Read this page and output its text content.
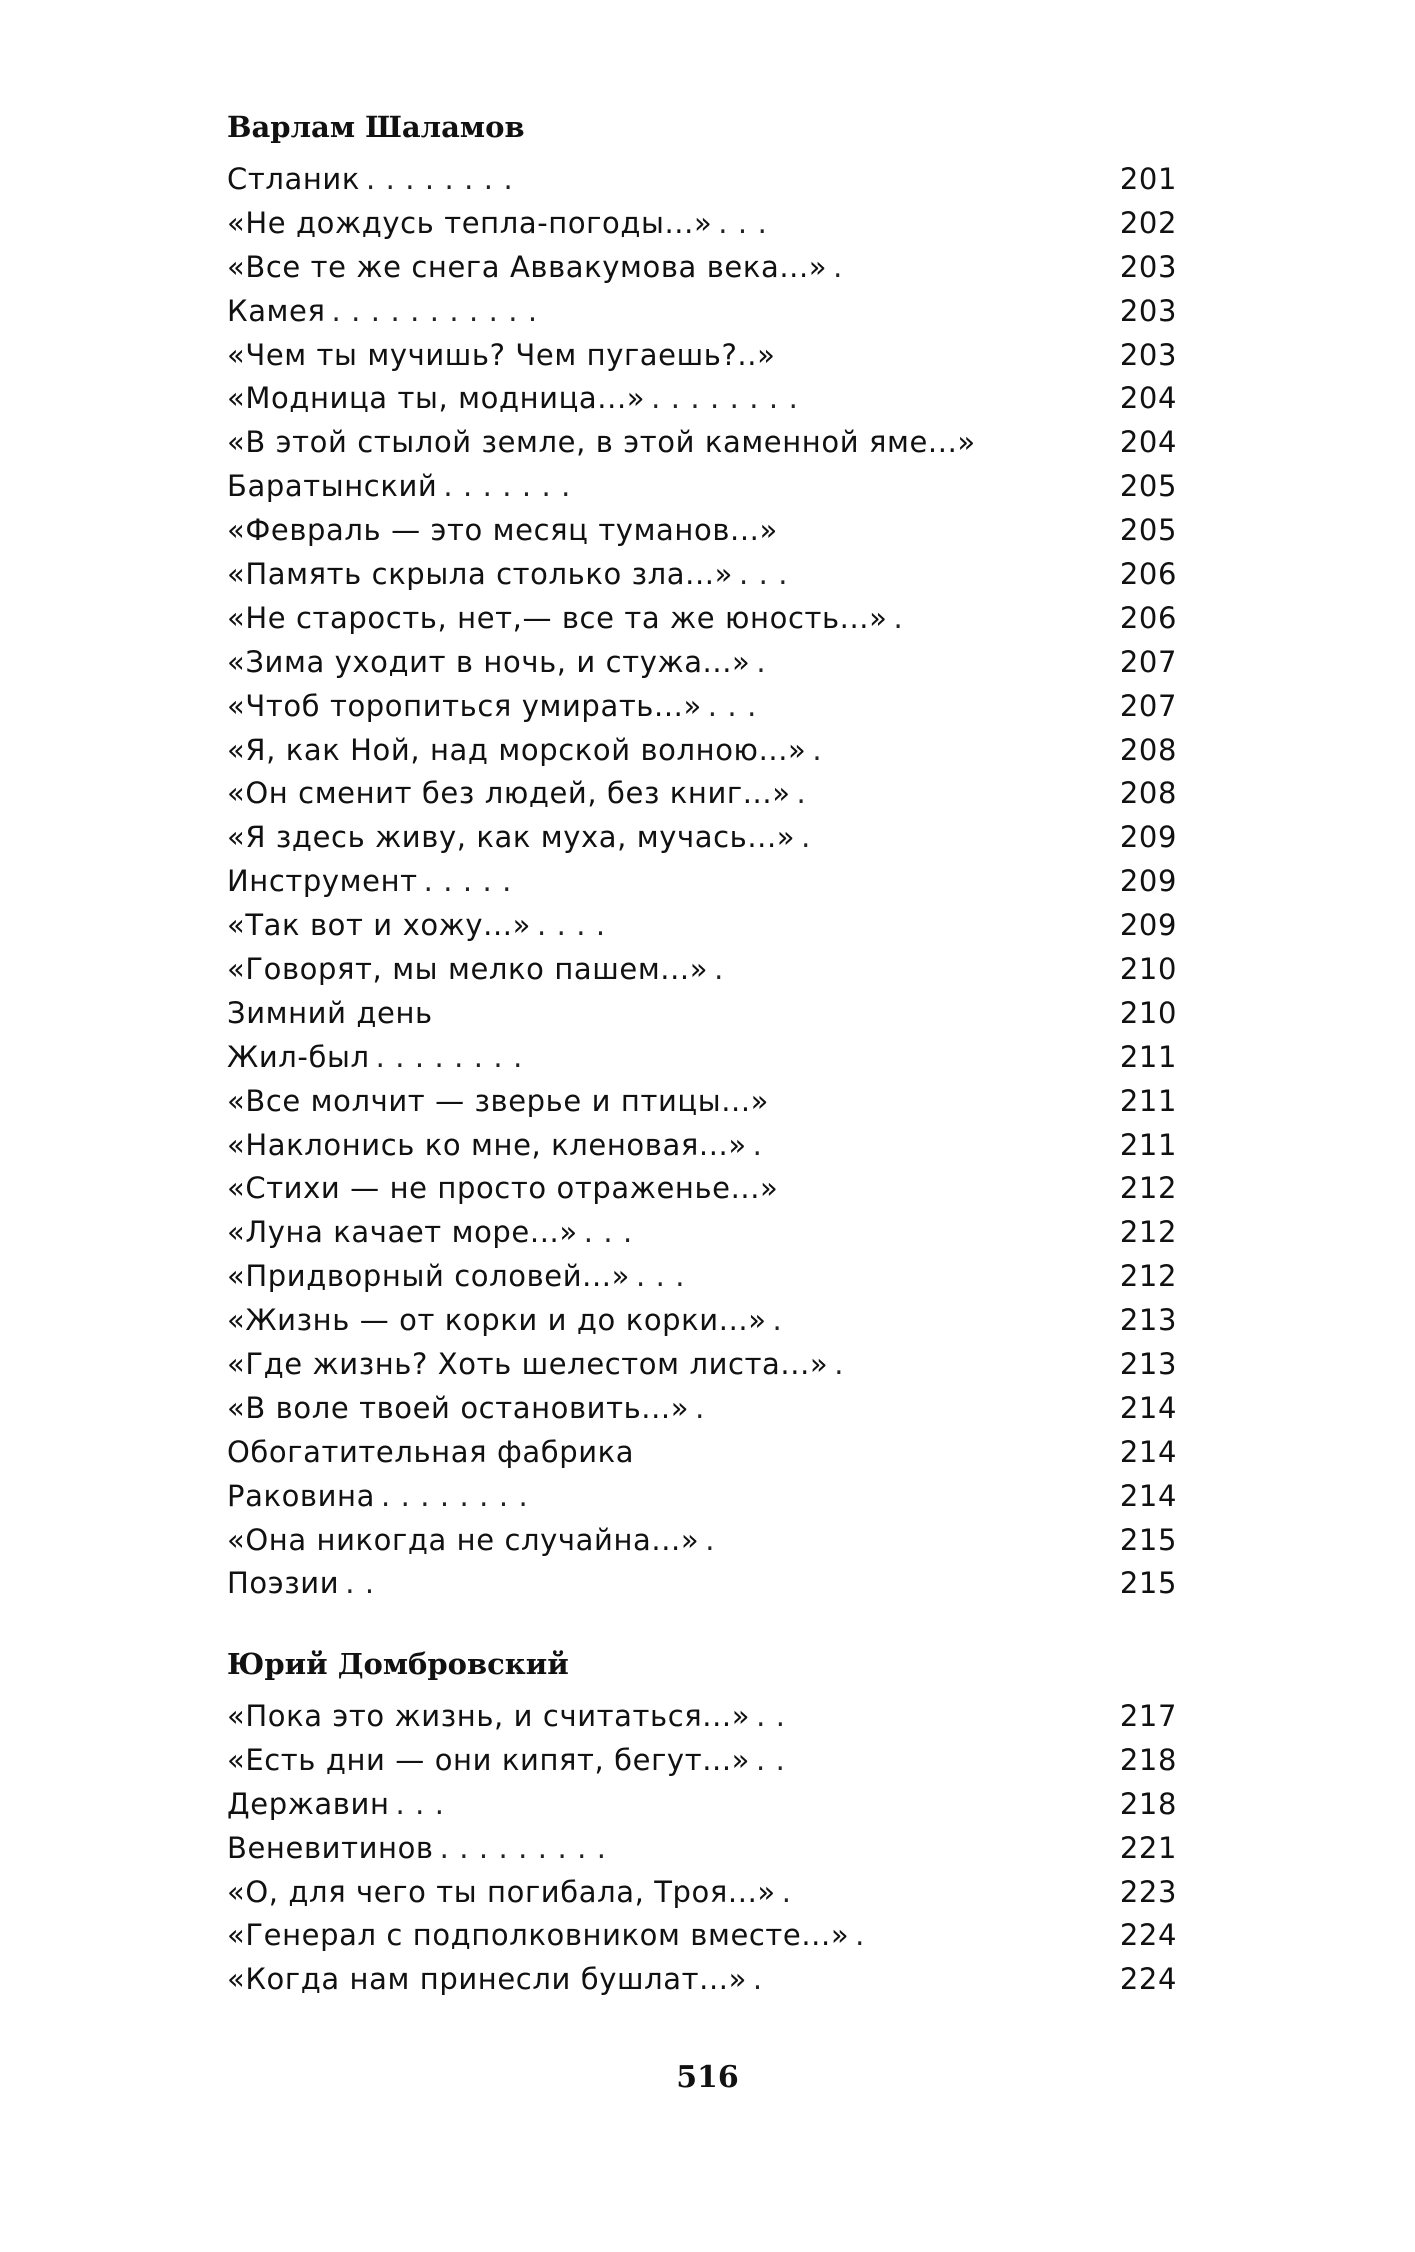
Варлам Шаламов
Стланик . . . . . . . .	201
«Не дождусь тепла-погоды...» . . .	202
«Все те же снега Аввакумова века...» .	203
Камея . . . . . . . . . . .	203
«Чем ты мучишь? Чем пугаешь?..»	203
«Модница ты, модница...» . . . . . . . .	204
«В этой стылой земле, в этой каменной яме...»	204
Баратынский . . . . . . .	205
«Февраль — это месяц туманов...»	205
«Память скрыла столько зла...» . . .	206
«Не старость, нет,— все та же юность...» .	206
«Зима уходит в ночь, и стужа...» .	207
«Чтоб торопиться умирать...» . . .	207
«Я, как Ной, над морской волною...» .	208
«Он сменит без людей, без книг...» .	208
«Я здесь живу, как муха, мучась...» .	209
Инструмент . . . . .	209
«Так вот и хожу...» . . . .	209
«Говорят, мы мелко пашем...» .	210
Зимний день	210
Жил-был . . . . . . . .	211
«Все молчит — зверье и птицы...»	211
«Наклонись ко мне, кленовая...» .	211
«Стихи — не просто отраженье...»	212
«Луна качает море...» . . .	212
«Придворный соловей...» . . .	212
«Жизнь — от корки и до корки...» .	213
«Где жизнь? Хоть шелестом листа...» .	213
«В воле твоей остановить...» .	214
Обогатительная фабрика	214
Раковина . . . . . . . .	214
«Она никогда не случайна...» .	215
Поэзии . .	215
Юрий Домбровский
«Пока это жизнь, и считаться...» . .	217
«Есть дни — они кипят, бегут...» . .	218
Державин . . .	218
Веневитинов . . . . . . . . .	221
«О, для чего ты погибала, Троя...» .	223
«Генерал с подполковником вместе...» .	224
«Когда нам принесли бушлат...» .	224
516
